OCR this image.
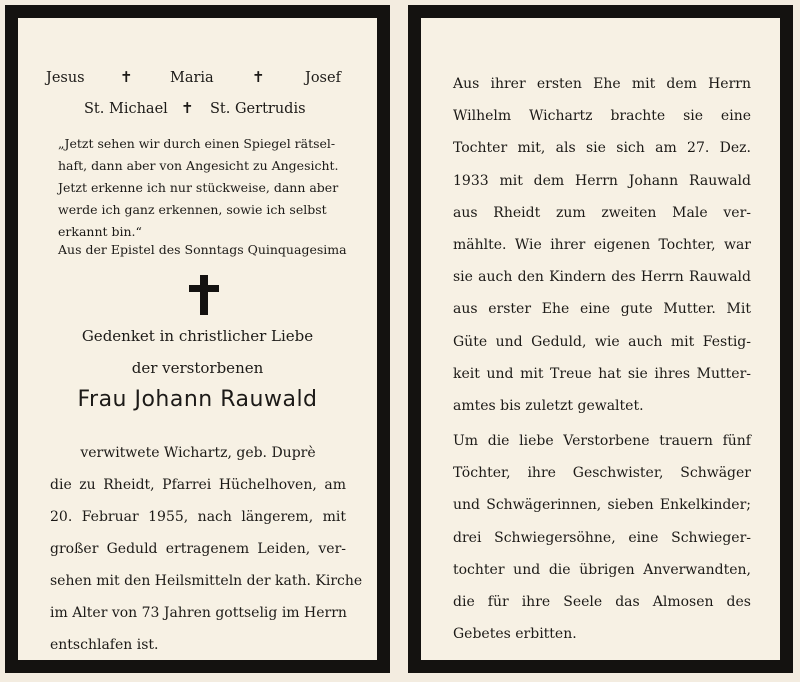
Jesus ✝	Maria	✝	Josef
St. Michael ✝ St. Gertrudis

„Jetzt sehen wir durch einen Spiegel rätsel-

haft, dann aber von Angesicht zu Angesicht.

Jetzt erkenne ich nur stückweise, dann aber

werde ich ganz erkennen, sowie ich selbst

erkannt bin.“

Aus der Epistel des Sonntags Quinquagesima
Gedenket in christlicher Liebe
der verstorbenen
Frau Johann Rauwald
verwitwete Wichartz, geb. Duprè
die zu Rheidt, Pfarrei Hüchelhoven, am
20. Februar 1955, nach längerem, mit
großer Geduld ertragenem Leiden, ver-
sehen mit den Heilsmitteln der kath. Kirche
im Alter von 73 Jahren gottselig im Herrn
entschlafen ist.
Aus ihrer ersten Ehe mit dem Herrn
Wilhelm Wichartz brachte sie eine
Tochter mit, als sie sich am 27. Dez.
1933 mit dem Herrn Johann Rauwald
aus Rheidt zum zweiten Male ver-
mählte. Wie ihrer eigenen Tochter, war
sie auch den Kindern des Herrn Rauwald
aus erster Ehe eine gute Mutter. Mit
Güte und Geduld, wie auch mit Festig-
keit und mit Treue hat sie ihres Mutter-
amtes bis zuletzt gewaltet.
Um die liebe Verstorbene trauern fünf
Töchter, ihre Geschwister, Schwäger
und Schwägerinnen, sieben Enkelkinder;
drei Schwiegersöhne, eine Schwieger-
tochter und die übrigen Anverwandten,
die für ihre Seele das Almosen des
Gebetes erbitten.
